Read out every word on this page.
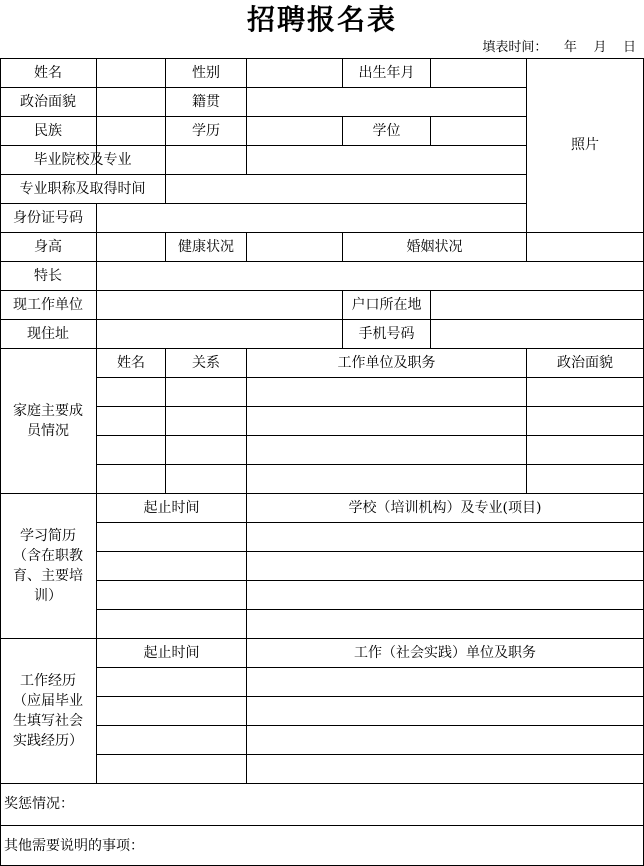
招聘报名表
填表时间：    年    月    日
照片
姓名	性别	出生年月
政治面貌	籍贯
民族	学历	学位
毕业院校及专业
专业职称及取得时间
身份证号码
身高	健康状况	婚姻状况
特长
现工作单位	户口所在地
现住址	手机号码
家庭主要成员情况
姓名	关系	工作单位及职务	政治面貌
学习简历（含在职教育、主要培训）
起止时间	学校（培训机构）及专业(项目)
工作经历（应届毕业生填写社会实践经历）
起止时间	工作（社会实践）单位及职务
奖惩情况：
其他需要说明的事项：
